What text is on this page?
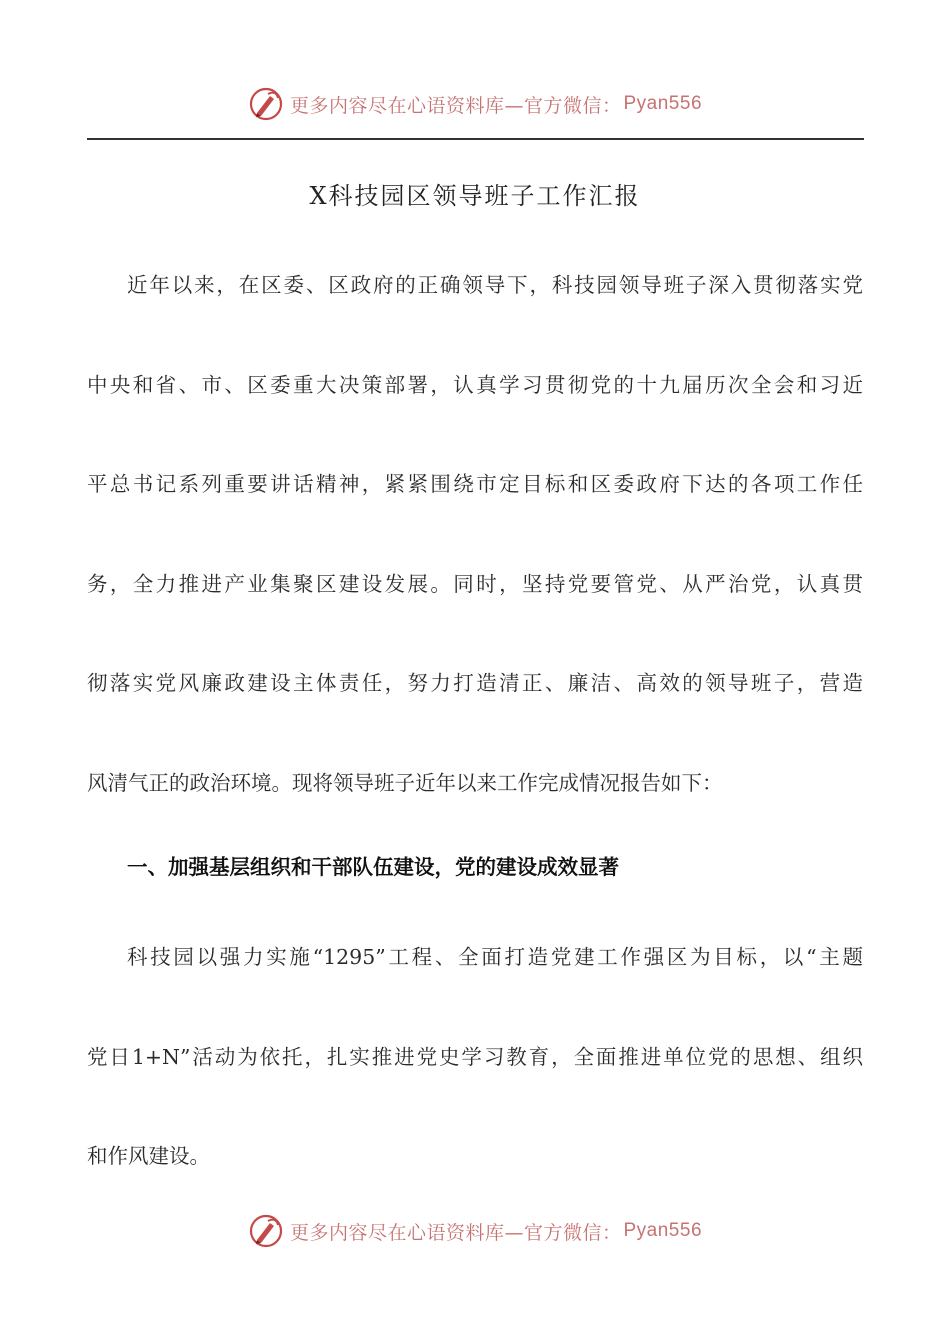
更多内容尽在心语资料库—官方微信： Pyan556
X科技园区领导班子工作汇报
近年以来，在区委、区政府的正确领导下，科技园领导班子深入贯彻落实党
中央和省、市、区委重大决策部署，认真学习贯彻党的十九届历次全会和习近
平总书记系列重要讲话精神，紧紧围绕市定目标和区委政府下达的各项工作任
务，全力推进产业集聚区建设发展。同时，坚持党要管党、从严治党，认真贯
彻落实党风廉政建设主体责任，努力打造清正、廉洁、高效的领导班子，营造
风清气正的政治环境。现将领导班子近年以来工作完成情况报告如下：
一、加强基层组织和干部队伍建设，党的建设成效显著
科技园以强力实施“1295”工程、全面打造党建工作强区为目标，以“主题
党日1+N”活动为依托，扎实推进党史学习教育，全面推进单位党的思想、组织
和作风建设。
更多内容尽在心语资料库—官方微信： Pyan556
